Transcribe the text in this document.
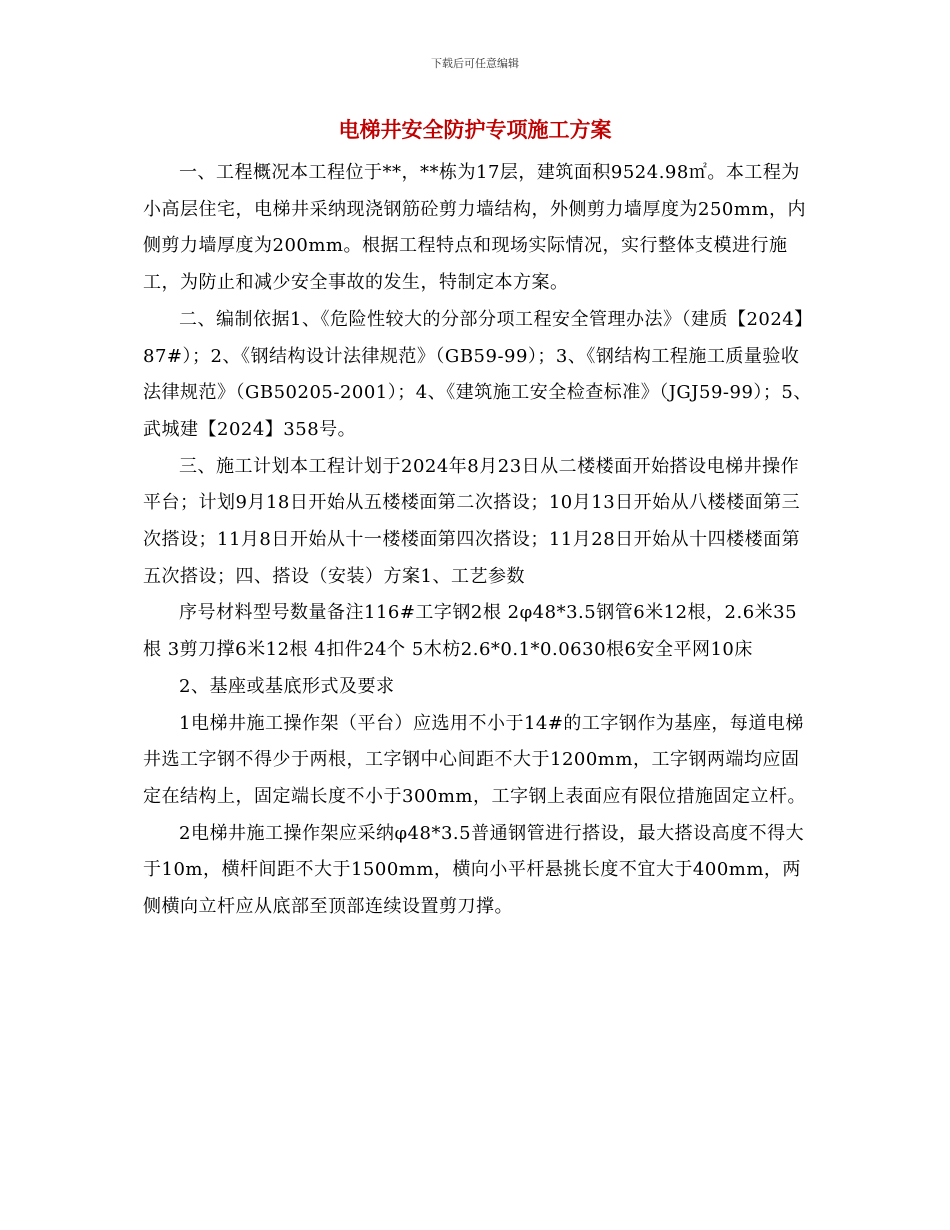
下载后可任意编辑
电梯井安全防护专项施工方案

一、工程概况本工程位于**，**栋为17层，建筑面积9524.98㎡。本工程为小高层住宅，电梯井采纳现浇钢筋砼剪力墙结构，外侧剪力墙厚度为250mm，内侧剪力墙厚度为200mm。根据工程特点和现场实际情况，实行整体支模进行施工，为防止和减少安全事故的发生，特制定本方案。

二、编制依据1、《危险性较大的分部分项工程安全管理办法》（建质【2024】87#）；2、《钢结构设计法律规范》（GB59-99）；3、《钢结构工程施工质量验收法律规范》（GB50205-2001）；4、《建筑施工安全检查标准》（JGJ59-99）；5、武城建【2024】358号。

三、施工计划本工程计划于2024年8月23日从二楼楼面开始搭设电梯井操作平台；计划9月18日开始从五楼楼面第二次搭设；10月13日开始从八楼楼面第三次搭设；11月8日开始从十一楼楼面第四次搭设；11月28日开始从十四楼楼面第五次搭设；四、搭设（安装）方案1、工艺参数

序号材料型号数量备注116#工字钢2根 2φ48*3.5钢管6米12根，2.6米35根 3剪刀撑6米12根 4扣件24个 5木枋2.6*0.1*0.0630根6安全平网10床

2、基座或基底形式及要求

1电梯井施工操作架（平台）应选用不小于14#的工字钢作为基座，每道电梯井选工字钢不得少于两根，工字钢中心间距不大于1200mm，工字钢两端均应固定在结构上，固定端长度不小于300mm，工字钢上表面应有限位措施固定立杆。

2电梯井施工操作架应采纳φ48*3.5普通钢管进行搭设，最大搭设高度不得大于10m，横杆间距不大于1500mm，横向小平杆悬挑长度不宜大于400mm，两侧横向立杆应从底部至顶部连续设置剪刀撑。
